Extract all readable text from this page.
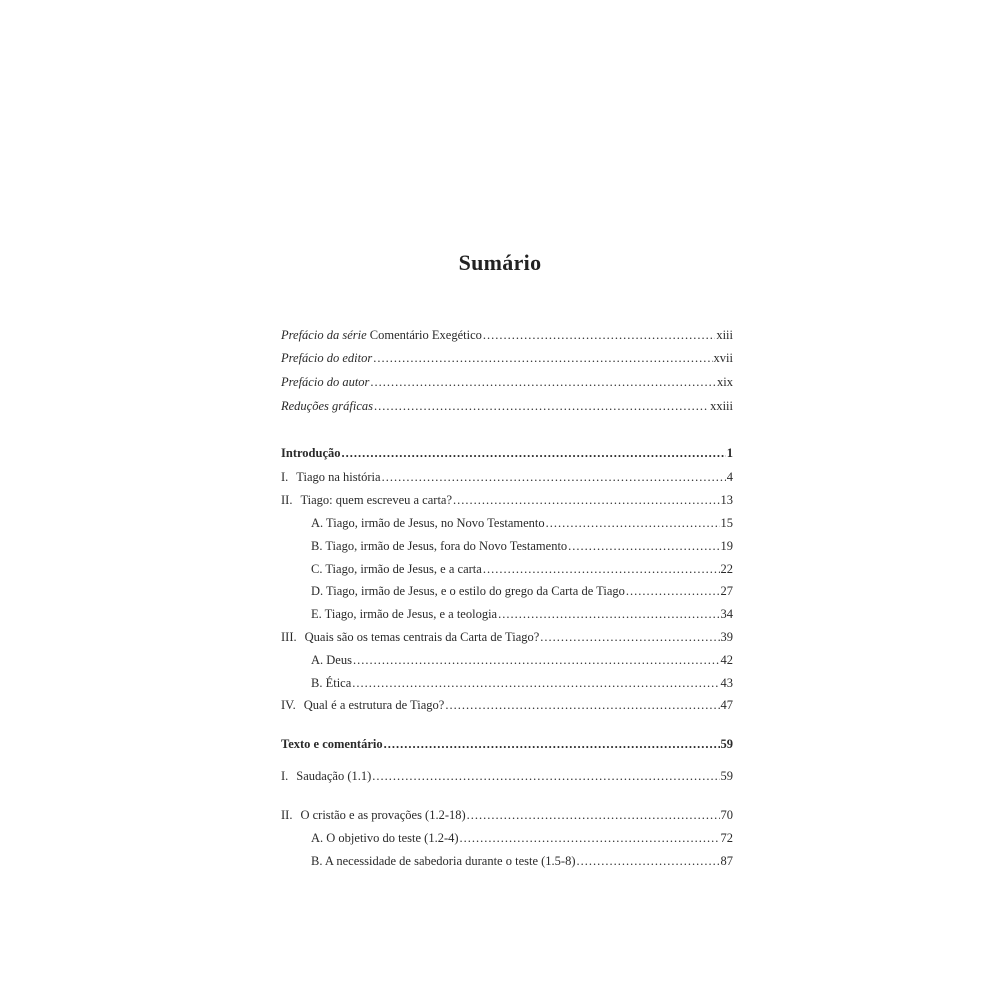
Sumário
Prefácio da série Comentário Exegético .....	xiii
Prefácio do editor .....	xvii
Prefácio do autor .....	xix
Reduções gráficas .....	xxiii
Introdução .....	1
I. Tiago na história .....	4
II. Tiago: quem escreveu a carta? .....	13
A. Tiago, irmão de Jesus, no Novo Testamento .....	15
B. Tiago, irmão de Jesus, fora do Novo Testamento .....	19
C. Tiago, irmão de Jesus, e a carta .....	22
D. Tiago, irmão de Jesus, e o estilo do grego da Carta de Tiago .....	27
E. Tiago, irmão de Jesus, e a teologia .....	34
III. Quais são os temas centrais da Carta de Tiago? .....	39
A. Deus .....	42
B. Ética .....	43
IV. Qual é a estrutura de Tiago? .....	47
Texto e comentário .....	59
I. Saudação (1.1) .....	59
II. O cristão e as provações (1.2-18) .....	70
A. O objetivo do teste (1.2-4) .....	72
B. A necessidade de sabedoria durante o teste (1.5-8) .....	87
